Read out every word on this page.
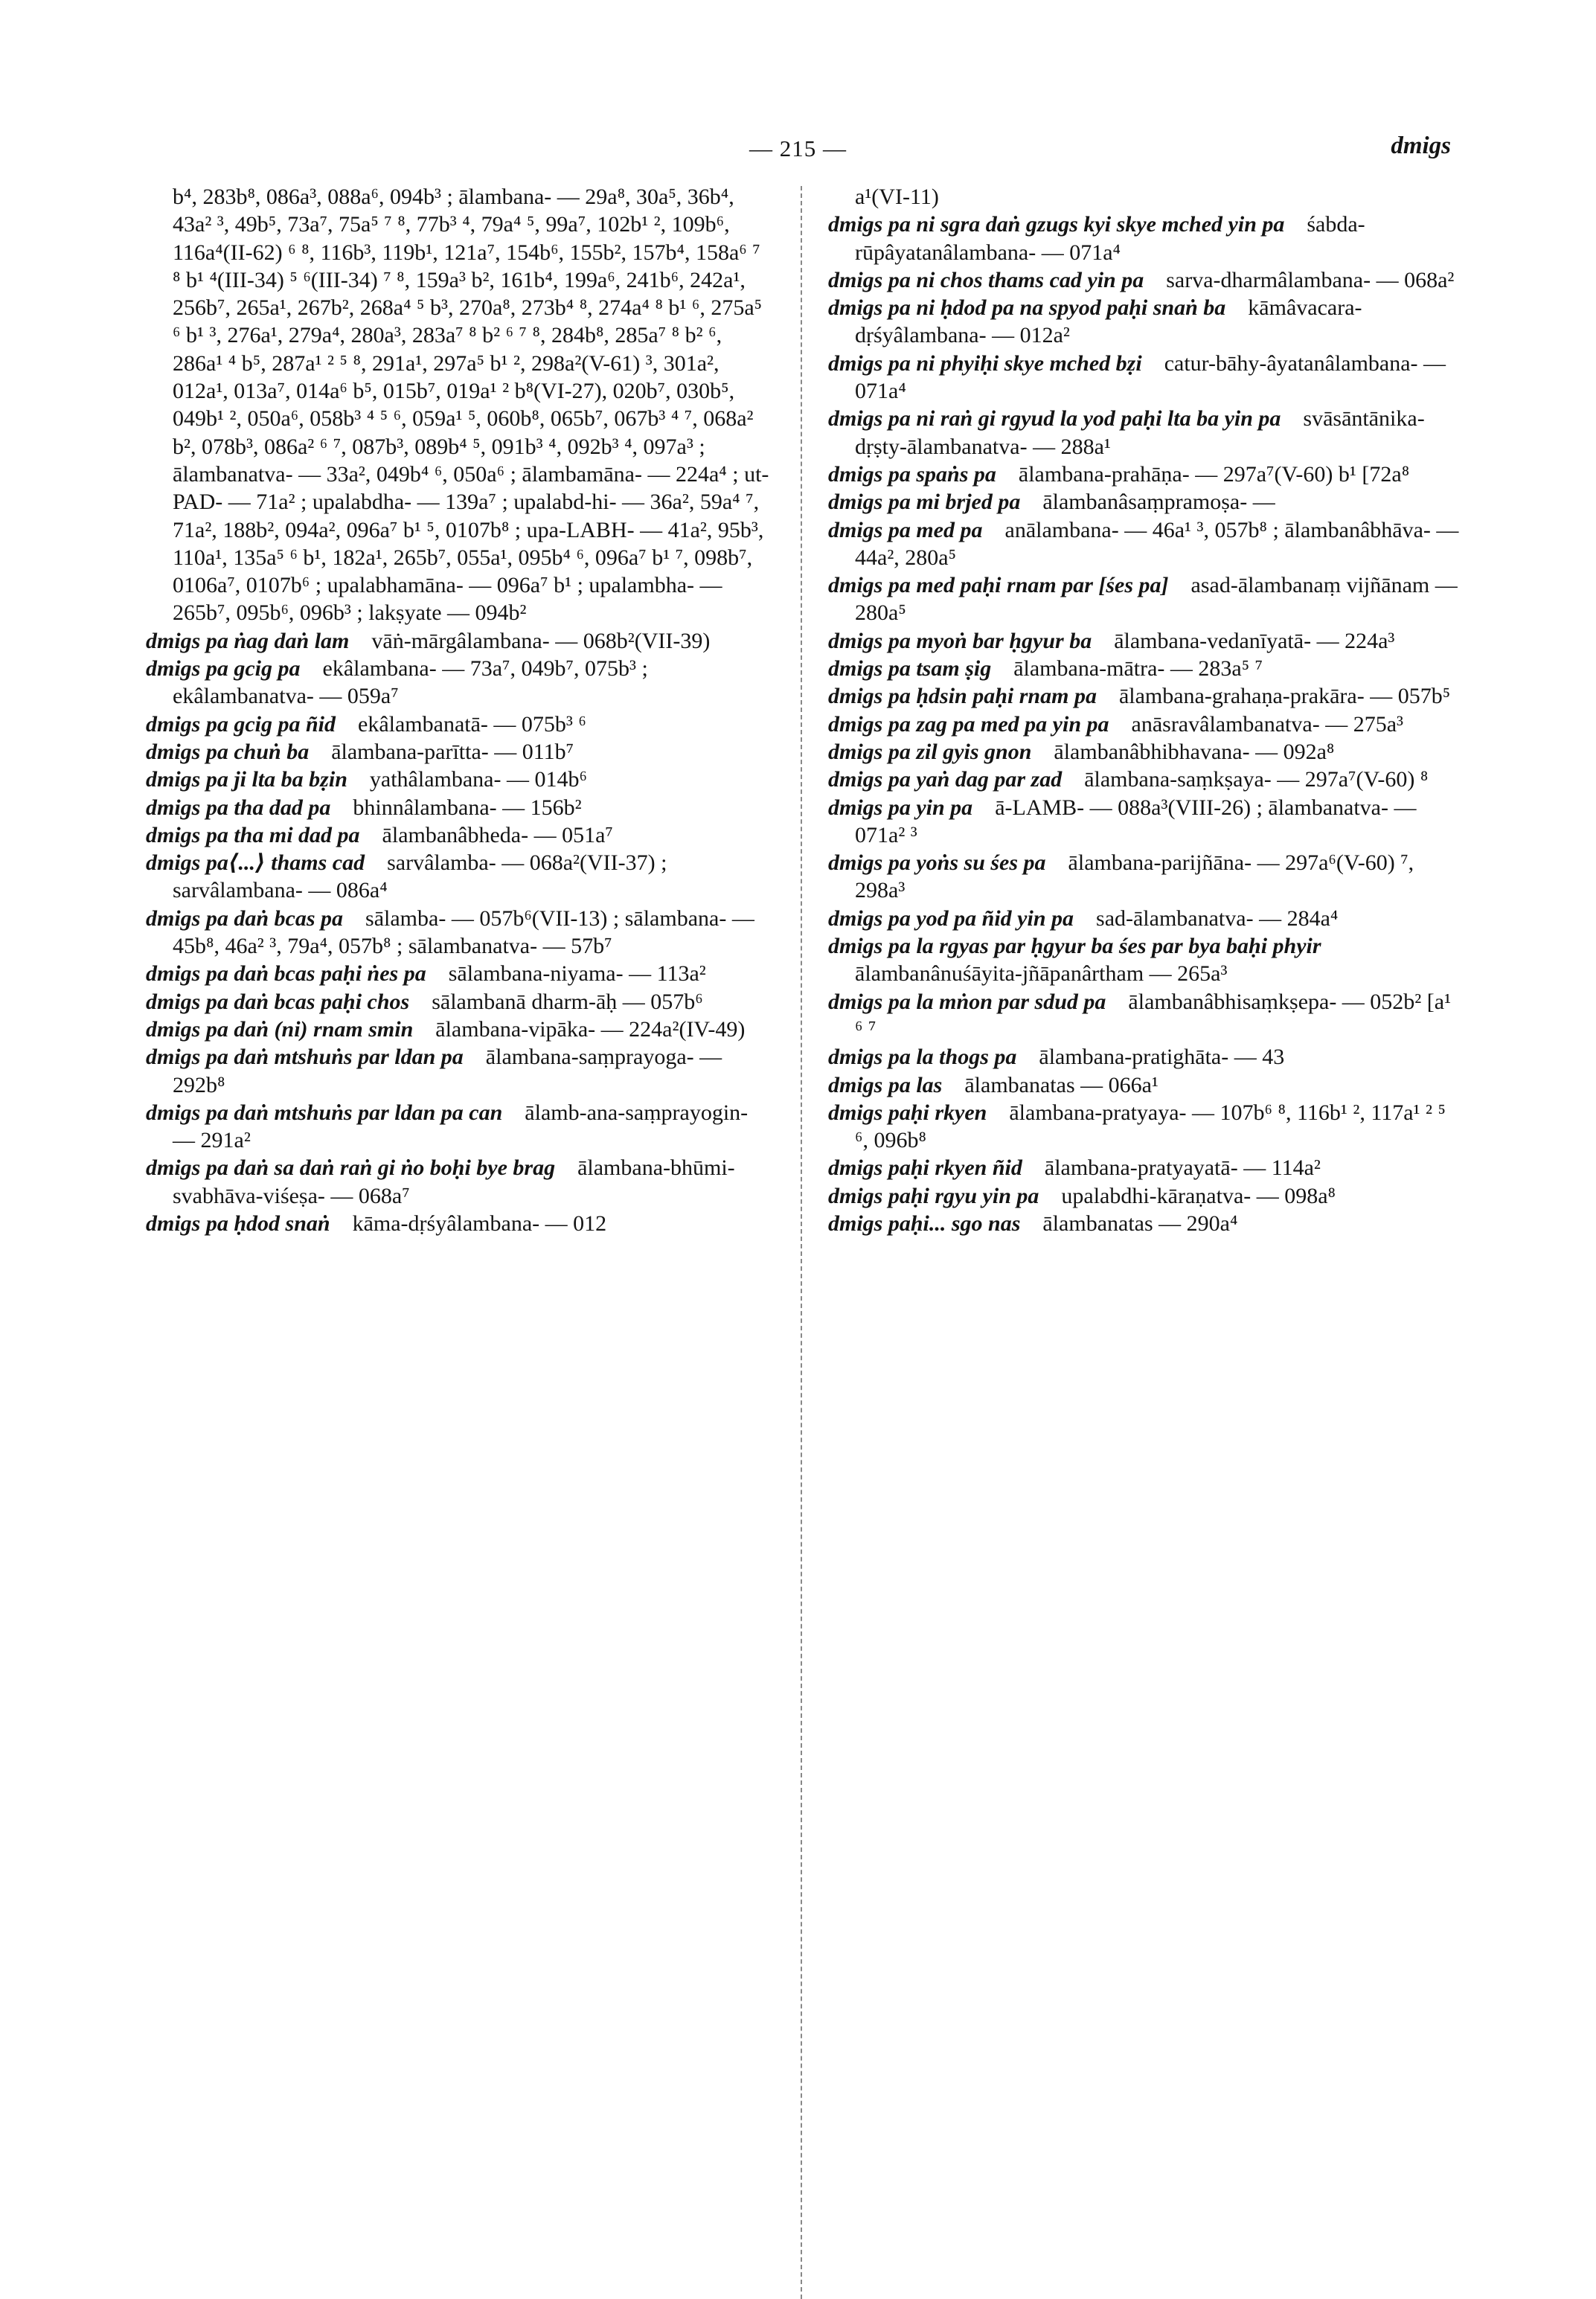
— 215 —	dmigs

b⁴, 283b⁸, 086a³, 088a⁶, 094b³ ; ālambana- — 29a⁸, 30a⁵, 36b⁴, 43a² ³, 49b⁵, 73a⁷, 75a⁵ ⁷ ⁸, 77b³ ⁴, 79a⁴ ⁵, 99a⁷, 102b¹ ², 109b⁶, 116a⁴(II-62) ⁶ ⁸, 116b³, 119b¹, 121a⁷, 154b⁶, 155b², 157b⁴, 158a⁶ ⁷ ⁸ b¹ ⁴(III-34) ⁵ ⁶(III-34) ⁷ ⁸, 159a³ b², 161b⁴, 199a⁶, 241b⁶, 242a¹, 256b⁷, 265a¹, 267b², 268a⁴ ⁵ b³, 270a⁸, 273b⁴ ⁸, 274a⁴ ⁸ b¹ ⁶, 275a⁵ ⁶ b¹ ³, 276a¹, 279a⁴, 280a³, 283a⁷ ⁸ b² ⁶ ⁷ ⁸, 284b⁸, 285a⁷ ⁸ b² ⁶, 286a¹ ⁴ b⁵, 287a¹ ² ⁵ ⁸, 291a¹, 297a⁵ b¹ ², 298a²(V-61) ³, 301a², 012a¹, 013a⁷, 014a⁶ b⁵, 015b⁷, 019a¹ ² b⁸(VI-27), 020b⁷, 030b⁵, 049b¹ ², 050a⁶, 058b³ ⁴ ⁵ ⁶, 059a¹ ⁵, 060b⁸, 065b⁷, 067b³ ⁴ ⁷, 068a² b², 078b³, 086a² ⁶ ⁷, 087b³, 089b⁴ ⁵, 091b³ ⁴, 092b³ ⁴, 097a³ ; ālambanatva- — 33a², 049b⁴ ⁶, 050a⁶ ; ālambamāna- — 224a⁴ ; ut-PAD- — 71a² ; upalabdha- — 139a⁷ ; upalabd-hi- — 36a², 59a⁴ ⁷, 71a², 188b², 094a², 096a⁷ b¹ ⁵, 0107b⁸ ; upa-LABH- — 41a², 95b³, 110a¹, 135a⁵ ⁶ b¹, 182a¹, 265b⁷, 055a¹, 095b⁴ ⁶, 096a⁷ b¹ ⁷, 098b⁷, 0106a⁷, 0107b⁶ ; upalabhamāna- — 096a⁷ b¹ ; upalambha- — 265b⁷, 095b⁶, 096b³ ; lakṣyate — 094b²

dmigs pa ṅag daṅ lam  vāṅ-mārgâlambana- — 068b²(VII-39)

dmigs pa gcig pa  ekâlambana- — 73a⁷, 049b⁷, 075b³ ; ekâlambanatva- — 059a⁷

dmigs pa gcig pa ñid  ekâlambanatā- — 075b³ ⁶

dmigs pa chuṅ ba  ālambana-parītta- — 011b⁷

dmigs pa ji lta ba bẓin  yathâlambana- — 014b⁶

dmigs pa tha dad pa  bhinnâlambana- — 156b²

dmigs pa tha mi dad pa  ālambanâbheda- — 051a⁷

dmigs pa⟨...⟩ thams cad  sarvâlamba- — 068a²(VII-37) ; sarvâlambana- — 086a⁴

dmigs pa daṅ bcas pa  sālamba- — 057b⁶(VII-13) ; sālambana- — 45b⁸, 46a² ³, 79a⁴, 057b⁸ ; sālambanatva- — 57b⁷

dmigs pa daṅ bcas paḥi ṅes pa  sālambana-niyama- — 113a²

dmigs pa daṅ bcas paḥi chos  sālambanā dharm-āḥ — 057b⁶

dmigs pa daṅ (ni) rnam smin  ālambana-vipāka- — 224a²(IV-49)

dmigs pa daṅ mtshuṅs par ldan pa  ālambana-saṃprayoga- — 292b⁸

dmigs pa daṅ mtshuṅs par ldan pa can  ālamb-ana-saṃprayogin- — 291a²

dmigs pa daṅ sa daṅ raṅ gi ṅo boḥi bye brag  ālambana-bhūmi-svabhāva-viśeṣa- — 068a⁷

dmigs pa ḥdod snaṅ  kāma-dṛśyâlambana- — 012

a¹(VI-11)

dmigs pa ni sgra daṅ gzugs kyi skye mched yin pa  śabda-rūpâyatanâlambana- — 071a⁴

dmigs pa ni chos thams cad yin pa  sarva-dharmâlambana- — 068a²

dmigs pa ni ḥdod pa na spyod paḥi snaṅ ba  kāmâvacara-dṛśyâlambana- — 012a²

dmigs pa ni phyiḥi skye mched bẓi  catur-bāhy-âyatanâlambana- — 071a⁴

dmigs pa ni raṅ gi rgyud la yod paḥi lta ba yin pa  svāsāntānika-dṛṣty-ālambanatva- — 288a¹

dmigs pa spaṅs pa  ālambana-prahāṇa- — 297a⁷(V-60) b¹ [72a⁸

dmigs pa mi brjed pa  ālambanâsaṃpramoṣa- —

dmigs pa med pa  anālambana- — 46a¹ ³, 057b⁸ ; ālambanâbhāva- — 44a², 280a⁵

dmigs pa med paḥi rnam par [śes pa]  asad-ālambanaṃ vijñānam — 280a⁵

dmigs pa myoṅ bar ḥgyur ba  ālambana-vedanīyatā- — 224a³

dmigs pa tsam ṣig  ālambana-mātra- — 283a⁵ ⁷

dmigs pa ḥdsin paḥi rnam pa  ālambana-grahaṇa-prakāra- — 057b⁵

dmigs pa zag pa med pa yin pa  anāsravâlambanatva- — 275a³

dmigs pa zil gyis gnon  ālambanâbhibhavana- — 092a⁸

dmigs pa yaṅ dag par zad  ālambana-saṃkṣaya- — 297a⁷(V-60) ⁸

dmigs pa yin pa  ā-LAMB- — 088a³(VIII-26) ; ālambanatva- — 071a² ³

dmigs pa yoṅs su śes pa  ālambana-parijñāna- — 297a⁶(V-60) ⁷, 298a³

dmigs pa yod pa ñid yin pa  sad-ālambanatva- — 284a⁴

dmigs pa la rgyas par ḥgyur ba śes par bya baḥi phyir ālambanânuśāyita-jñāpanârtham — 265a³

dmigs pa la mṅon par sdud pa  ālambanâbhisaṃkṣepa- — 052b² [a¹ ⁶ ⁷

dmigs pa la thogs pa  ālambana-pratighāta- — 43

dmigs pa las  ālambanatas — 066a¹

dmigs paḥi rkyen  ālambana-pratyaya- — 107b⁶ ⁸, 116b¹ ², 117a¹ ² ⁵ ⁶, 096b⁸

dmigs paḥi rkyen ñid  ālambana-pratyayatā- — 114a²

dmigs paḥi rgyu yin pa  upalabdhi-kāraṇatva- — 098a⁸

dmigs paḥi... sgo nas  ālambanatas — 290a⁴
